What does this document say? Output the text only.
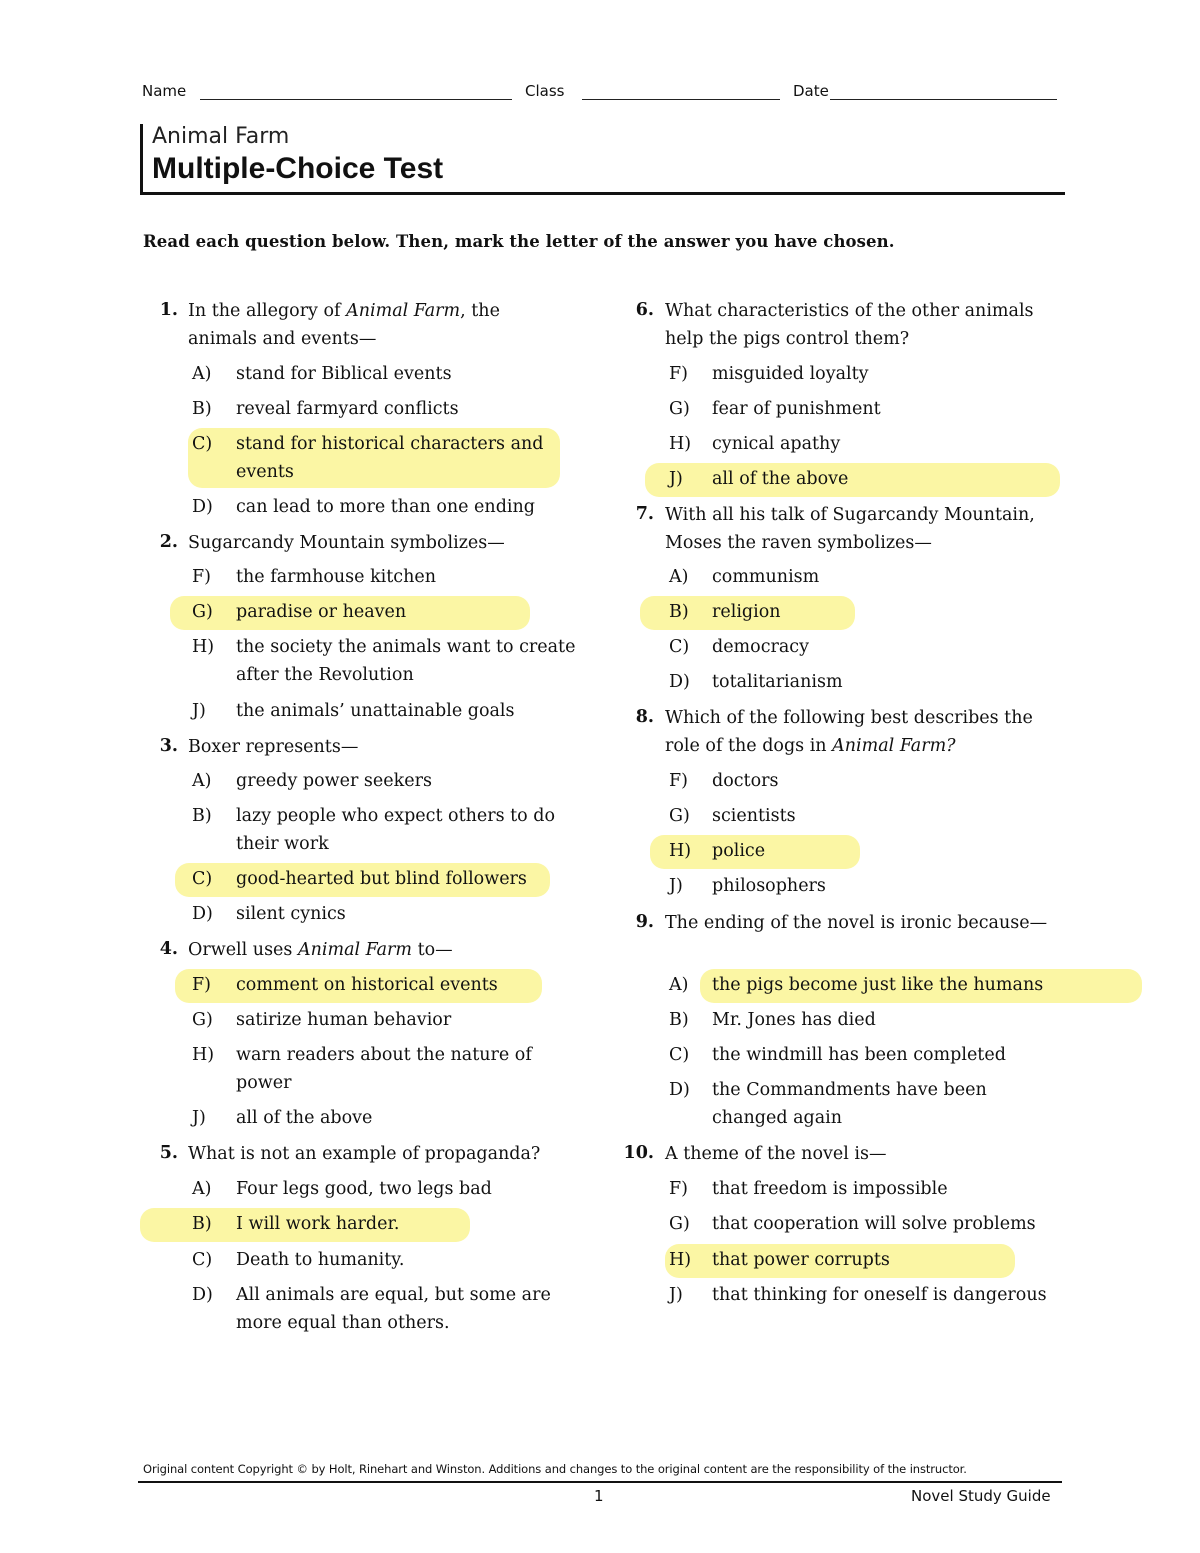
Name	Class	Date
Animal Farm
Multiple-Choice Test
Read each question below. Then, mark the letter of the answer you have chosen.
1. In the allegory of Animal Farm, the animals and events—
A) stand for Biblical events
B) reveal farmyard conflicts
C) stand for historical characters and events
D) can lead to more than one ending
2. Sugarcandy Mountain symbolizes—
F) the farmhouse kitchen
G) paradise or heaven
H) the society the animals want to create after the Revolution
J) the animals’ unattainable goals
3. Boxer represents—
A) greedy power seekers
B) lazy people who expect others to do their work
C) good-hearted but blind followers
D) silent cynics
4. Orwell uses Animal Farm to—
F) comment on historical events
G) satirize human behavior
H) warn readers about the nature of power
J) all of the above
5. What is not an example of propaganda?
A) Four legs good, two legs bad
B) I will work harder.
C) Death to humanity.
D) All animals are equal, but some are more equal than others.
6. What characteristics of the other animals help the pigs control them?
F) misguided loyalty
G) fear of punishment
H) cynical apathy
J) all of the above
7. With all his talk of Sugarcandy Mountain, Moses the raven symbolizes—
A) communism
B) religion
C) democracy
D) totalitarianism
8. Which of the following best describes the role of the dogs in Animal Farm?
F) doctors
G) scientists
H) police
J) philosophers
9. The ending of the novel is ironic because—
A) the pigs become just like the humans
B) Mr. Jones has died
C) the windmill has been completed
D) the Commandments have been changed again
10. A theme of the novel is—
F) that freedom is impossible
G) that cooperation will solve problems
H) that power corrupts
J) that thinking for oneself is dangerous
Original content Copyright © by Holt, Rinehart and Winston. Additions and changes to the original content are the responsibility of the instructor.
1	Novel Study Guide
